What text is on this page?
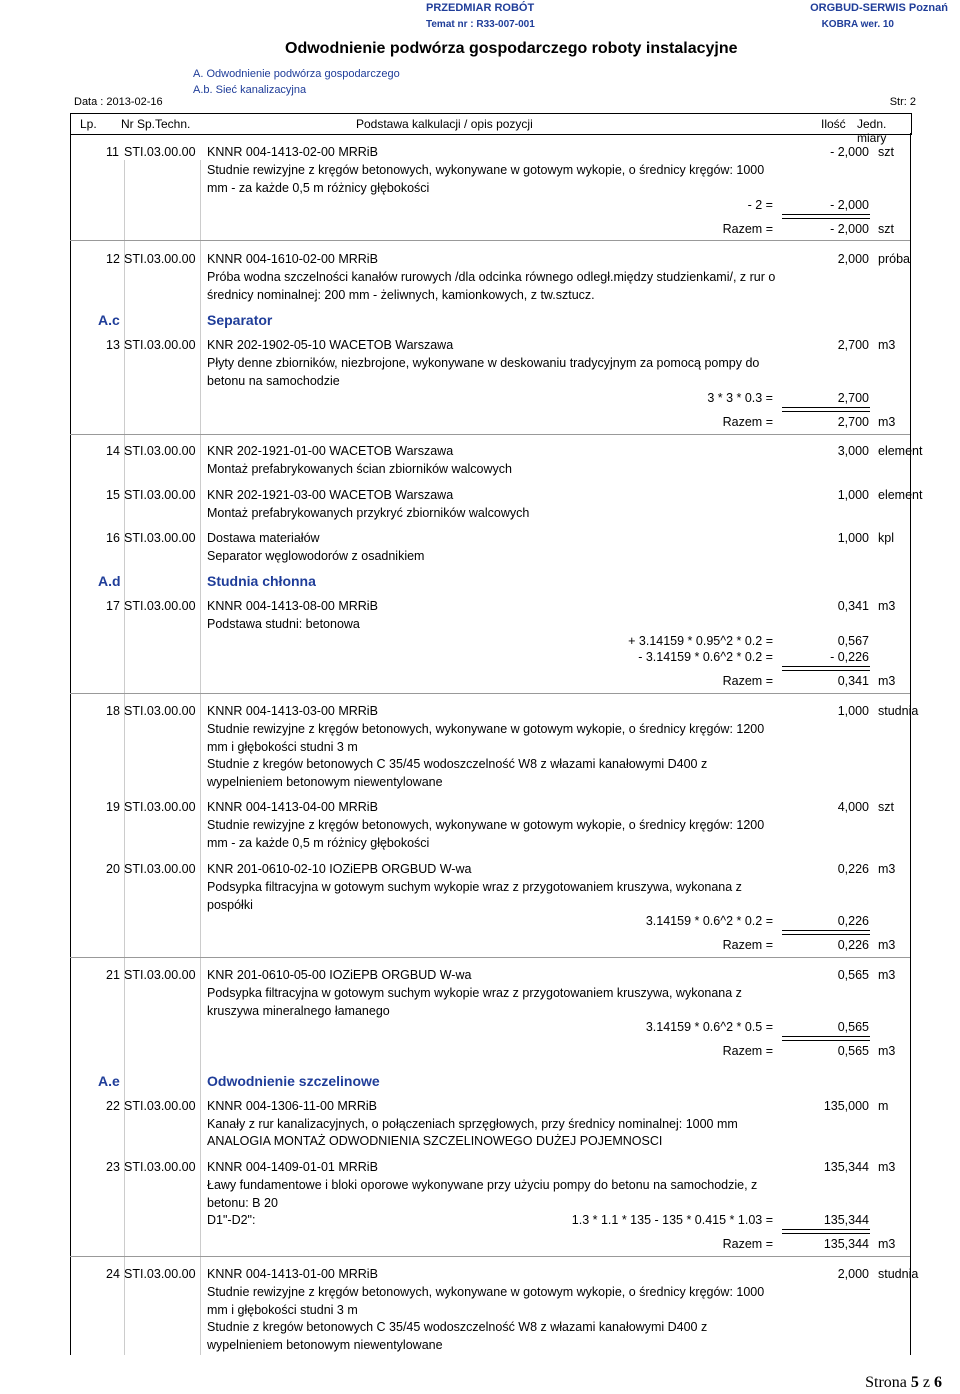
PRZEDMIAR ROBÓT
Temat nr : R33-007-001
ORGBUD-SERWIS Poznań
KOBRA wer. 10
Odwodnienie podwórza gospodarczego roboty instalacyjne
A. Odwodnienie podwórza gospodarczego
A.b. Sieć kanalizacyjna
Data : 2013-02-16	Str: 2
Lp. Nr Sp.Techn.	Podstawa kalkulacji / opis pozycji	Ilość Jedn. miary
11 STI.03.00.00 KNNR 004-1413-02-00 MRRiB	- 2,000 szt
Studnie rewizyjne z kręgów betonowych, wykonywane w gotowym wykopie, o średnicy kręgów: 1000
mm - za każde 0,5 m różnicy głębokości
- 2 =	- 2,000
Razem =	- 2,000 szt
12 STI.03.00.00 KNNR 004-1610-02-00 MRRiB	2,000 próba
Próba wodna szczelności kanałów rurowych /dla odcinka równego odległ.między studzienkami/, z rur o
średnicy nominalnej: 200 mm - żeliwnych, kamionkowych, z tw.sztucz.
A.c	Separator
13 STI.03.00.00 KNR 202-1902-05-10 WACETOB Warszawa	2,700 m3
Płyty denne zbiorników, niezbrojone, wykonywane w deskowaniu tradycyjnym za pomocą pompy do
betonu na samochodzie
3 * 3 * 0.3 =	2,700
Razem =	2,700 m3
14 STI.03.00.00 KNR 202-1921-01-00 WACETOB Warszawa	3,000 element
Montaż prefabrykowanych ścian zbiorników walcowych
15 STI.03.00.00 KNR 202-1921-03-00 WACETOB Warszawa	1,000 element
Montaż prefabrykowanych przykryć zbiorników walcowych
16 STI.03.00.00 Dostawa materiałów	1,000 kpl
Separator węglowodorów z osadnikiem
A.d	Studnia chłonna
17 STI.03.00.00 KNNR 004-1413-08-00 MRRiB	0,341 m3
Podstawa studni: betonowa
+ 3.14159 * 0.95^2 * 0.2 =	0,567
- 3.14159 * 0.6^2 * 0.2 =	- 0,226
Razem =	0,341 m3
18 STI.03.00.00 KNNR 004-1413-03-00 MRRiB	1,000 studnia
Studnie rewizyjne z kręgów betonowych, wykonywane w gotowym wykopie, o średnicy kręgów: 1200
mm i głębokości studni 3 m
Studnie z kregów betonowych C 35/45 wodoszczelność W8 z włazami kanałowymi D400 z
wypelnieniem betonowym niewentylowane
19 STI.03.00.00 KNNR 004-1413-04-00 MRRiB	4,000 szt
Studnie rewizyjne z kręgów betonowych, wykonywane w gotowym wykopie, o średnicy kręgów: 1200
mm - za każde 0,5 m różnicy głębokości
20 STI.03.00.00 KNR 201-0610-02-10 IOZiEPB ORGBUD W-wa	0,226 m3
Podsypka filtracyjna w gotowym suchym wykopie wraz z przygotowaniem kruszywa, wykonana z
pospółki
3.14159 * 0.6^2 * 0.2 =	0,226
Razem =	0,226 m3
21 STI.03.00.00 KNR 201-0610-05-00 IOZiEPB ORGBUD W-wa	0,565 m3
Podsypka filtracyjna w gotowym suchym wykopie wraz z przygotowaniem kruszywa, wykonana z
kruszywa mineralnego łamanego
3.14159 * 0.6^2 * 0.5 =	0,565
Razem =	0,565 m3
A.e	Odwodnienie szczelinowe
22 STI.03.00.00 KNNR 004-1306-11-00 MRRiB	135,000 m
Kanały z rur kanalizacyjnych, o połączeniach sprzęgłowych, przy średnicy nominalnej: 1000 mm
ANALOGIA MONTAŻ ODWODNIENIA SZCZELINOWEGO DUŻEJ POJEMNOSCI
23 STI.03.00.00 KNNR 004-1409-01-01 MRRiB	135,344 m3
Ławy fundamentowe i bloki oporowe wykonywane przy użyciu pompy do betonu na samochodzie, z
betonu: B 20
D1"-D2":	1.3 * 1.1 * 135 - 135 * 0.415 * 1.03 =	135,344
Razem =	135,344 m3
24 STI.03.00.00 KNNR 004-1413-01-00 MRRiB	2,000 studnia
Studnie rewizyjne z kręgów betonowych, wykonywane w gotowym wykopie, o średnicy kręgów: 1000
mm i głębokości studni 3 m
Studnie z kregów betonowych C 35/45 wodoszczelność W8 z włazami kanałowymi D400 z
wypelnieniem betonowym niewentylowane
Strona 5 z 6
